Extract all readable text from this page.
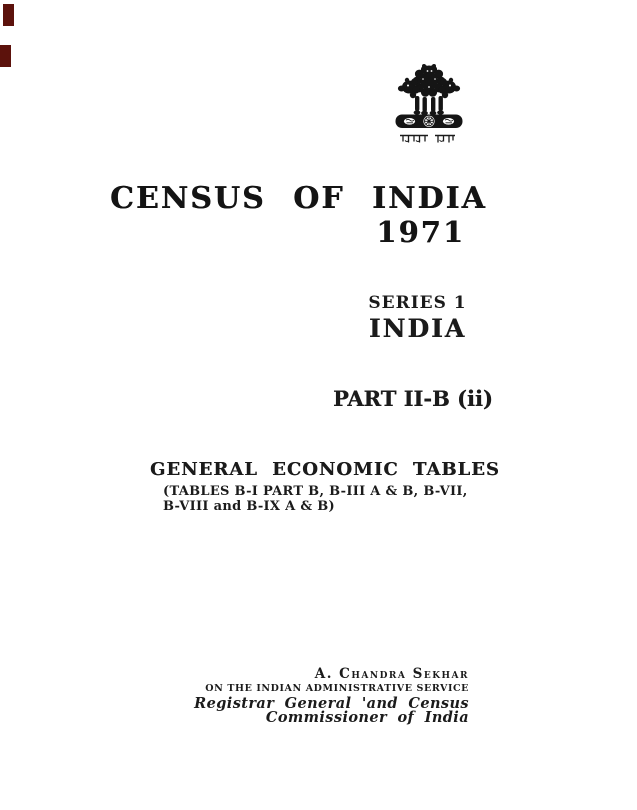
CENSUS OF INDIA
1971
SERIES 1
INDIA
PART II-B (ii)
GENERAL ECONOMIC TABLES
(TABLES B-I PART B, B-III A & B, B-VII,
B-VIII and B-IX A & B)
A. Chandra Sekhar
ON THE INDIAN ADMINISTRATIVE SERVICE
Registrar General 'and Census
Commissioner of India
